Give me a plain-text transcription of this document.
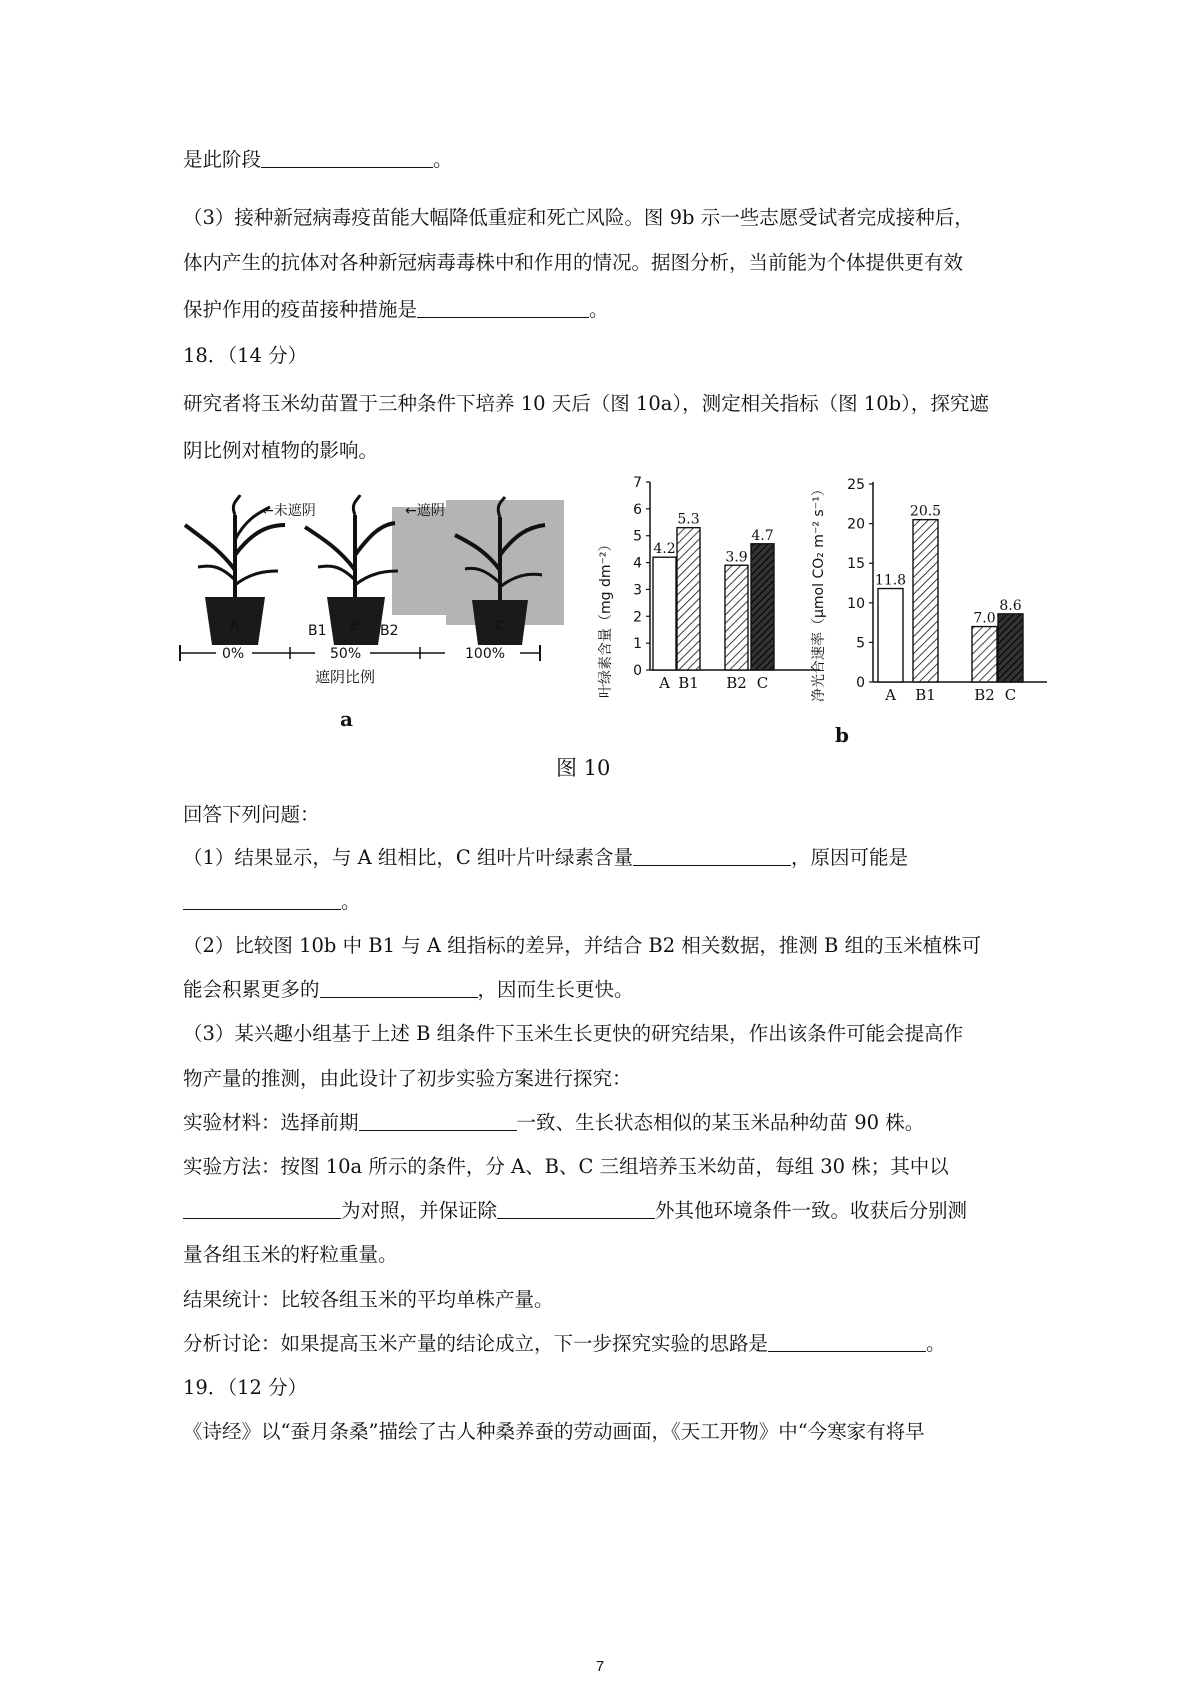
是此阶段	。
（3）接种新冠病毒疫苗能大幅降低重症和死亡风险。图 9b 示一些志愿受试者完成接种后，
体内产生的抗体对各种新冠病毒毒株中和作用的情况。据图分析，当前能为个体提供更有效
保护作用的疫苗接种措施是	。
18．（14 分）
研究者将玉米幼苗置于三种条件下培养 10 天后（图 10a），测定相关指标（图 10b），探究遮
阴比例对植物的影响。
A	B	C
←未遮阴	←遮阴
B1	B2
0%	50%	100%
遮阴比例
a
0
1
2
3
4
5
6
7
4.2
A
5.3
B1
3.9
B2
4.7
C
叶绿素含量（mg dm⁻²）	0
5
10
15
20
25
11.8
A
20.5
B1
7.0
B2
8.6
C
净光合速率（μmol CO₂ m⁻² s⁻¹）
b
图 10
回答下列问题：
（1）结果显示，与 A 组相比，C 组叶片叶绿素含量	，原因可能是
。
（2）比较图 10b 中 B1 与 A 组指标的差异，并结合 B2 相关数据，推测 B 组的玉米植株可
能会积累更多的	，因而生长更快。
（3）某兴趣小组基于上述 B 组条件下玉米生长更快的研究结果，作出该条件可能会提高作
物产量的推测，由此设计了初步实验方案进行探究：
实验材料：选择前期	一致、生长状态相似的某玉米品种幼苗 90 株。
实验方法：按图 10a 所示的条件，分 A、B、C 三组培养玉米幼苗，每组 30 株；其中以
为对照，并保证除	外其他环境条件一致。收获后分别测
量各组玉米的籽粒重量。
结果统计：比较各组玉米的平均单株产量。
分析讨论：如果提高玉米产量的结论成立，下一步探究实验的思路是	。
19．（12 分）
《诗经》以“蚕月条桑”描绘了古人种桑养蚕的劳动画面，《天工开物》中“今寒家有将早
7
